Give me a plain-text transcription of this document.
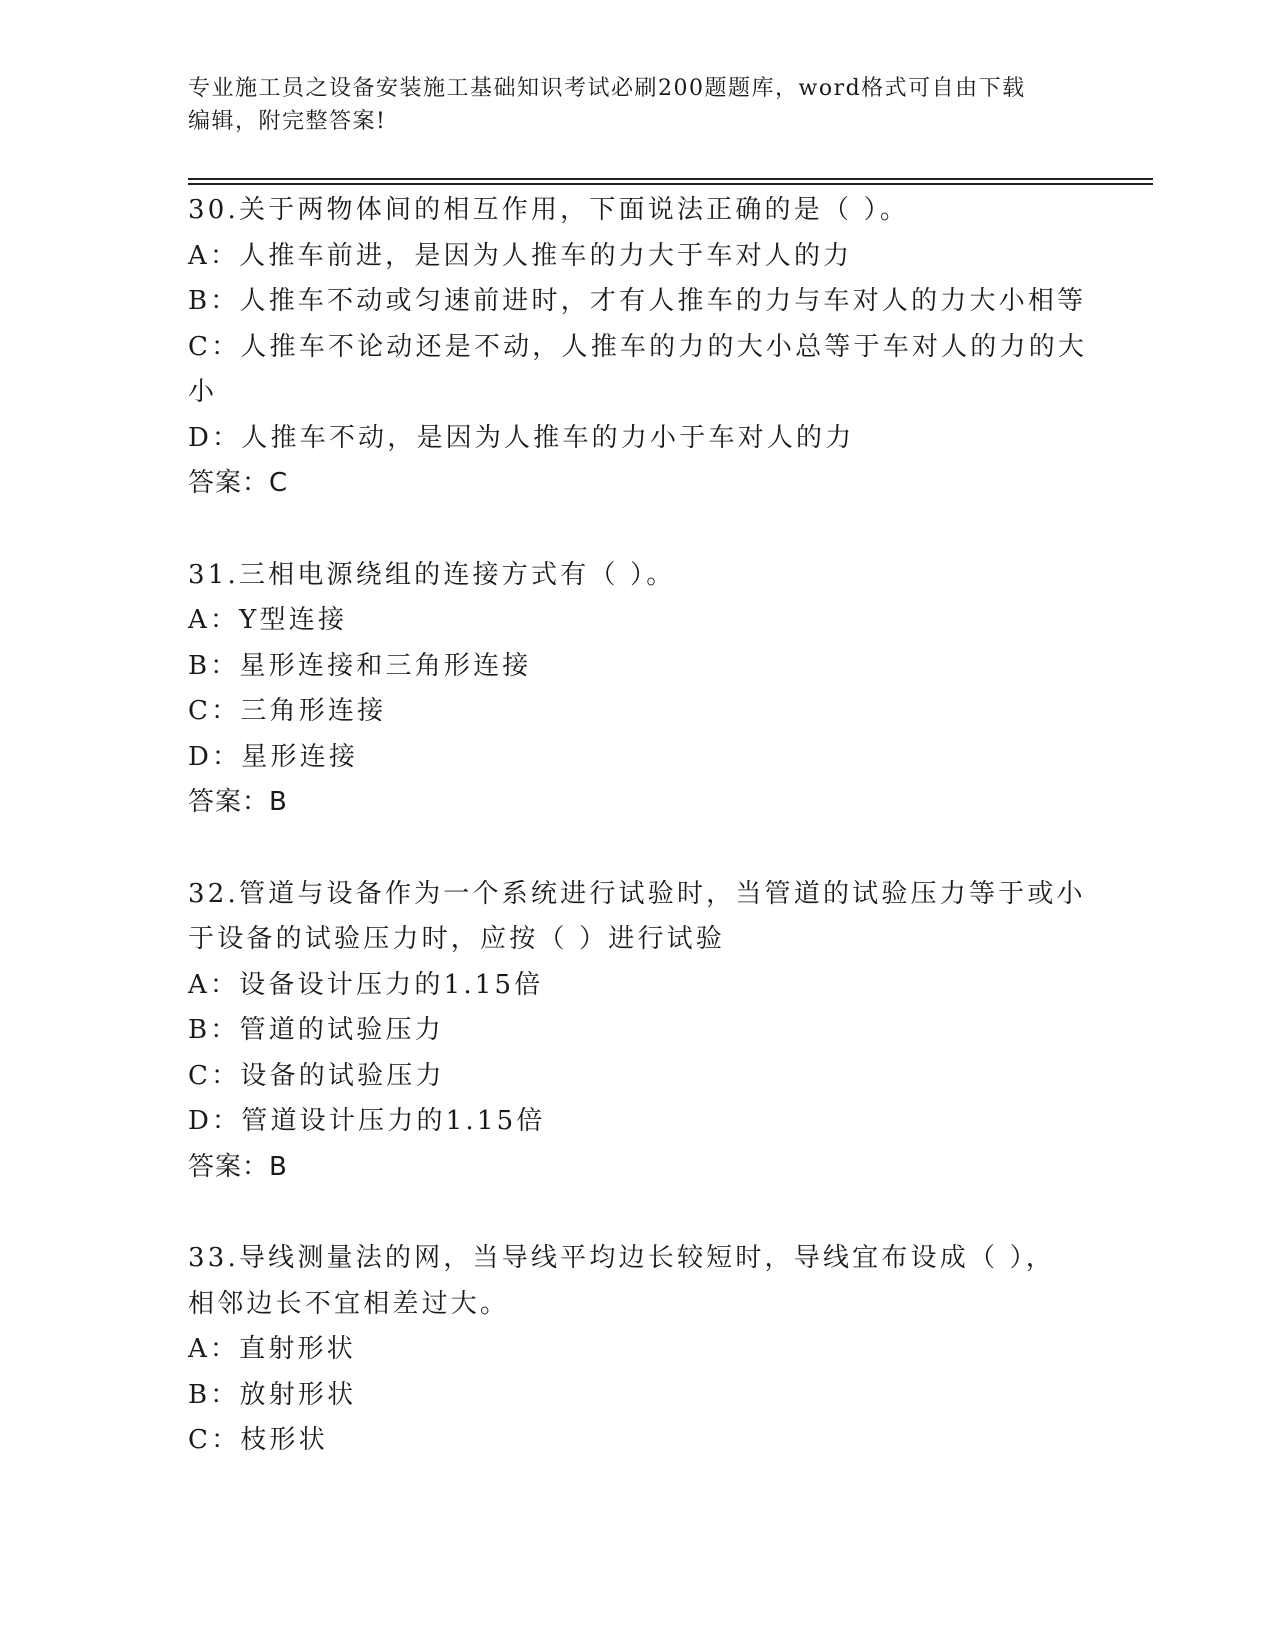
专业施工员之设备安装施工基础知识考试必刷200题题库，word格式可自由下载
编辑，附完整答案!
30.关于两物体间的相互作用，下面说法正确的是（ ）。
A：人推车前进，是因为人推车的力大于车对人的力
B：人推车不动或匀速前进时，才有人推车的力与车对人的力大小相等
C：人推车不论动还是不动，人推车的力的大小总等于车对人的力的大
小
D：人推车不动，是因为人推车的力小于车对人的力
答案：C
31.三相电源绕组的连接方式有（ ）。
A：Y型连接
B：星形连接和三角形连接
C：三角形连接
D：星形连接
答案：B
32.管道与设备作为一个系统进行试验时，当管道的试验压力等于或小
于设备的试验压力时，应按（ ）进行试验
A：设备设计压力的1.15倍
B：管道的试验压力
C：设备的试验压力
D：管道设计压力的1.15倍
答案：B
33.导线测量法的网，当导线平均边长较短时，导线宜布设成（ ），
相邻边长不宜相差过大。
A：直射形状
B：放射形状
C：枝形状
